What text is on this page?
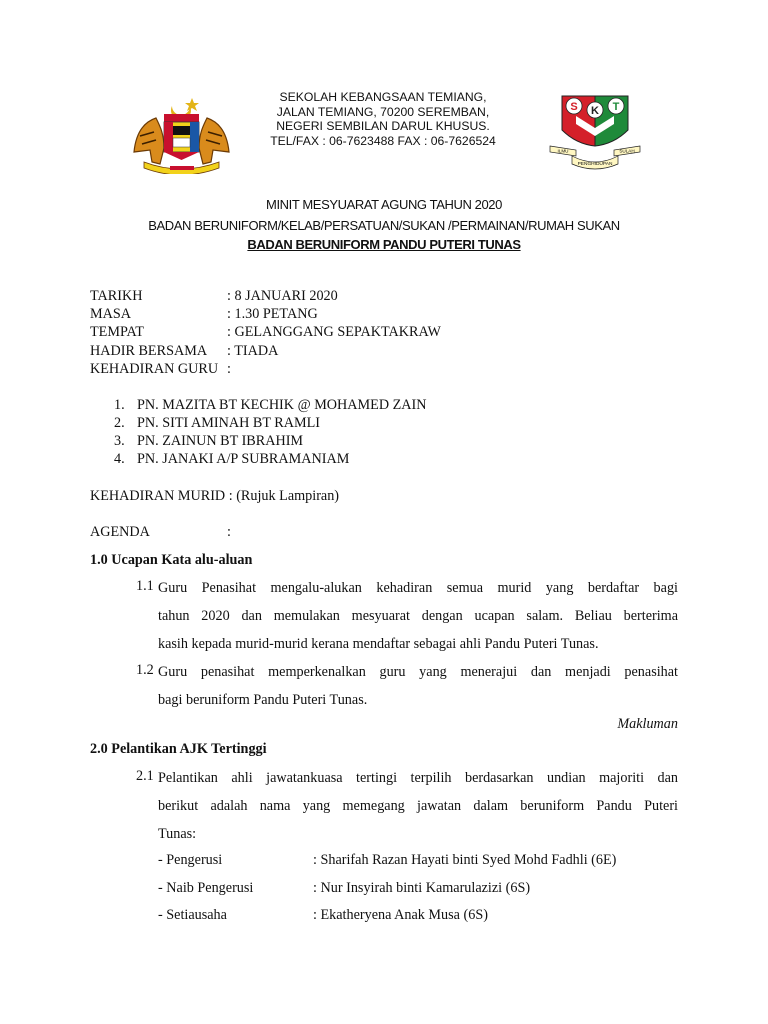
SEKOLAH KEBANGSAAN TEMIANG,
JALAN TEMIANG, 70200 SEREMBAN,
NEGERI SEMBILAN DARUL KHUSUS.
TEL/FAX : 06-7623488 FAX : 06-7626524
S K T
ILMU	SULAH
PENGHIDUPAN
MINIT MESYUARAT AGUNG TAHUN 2020
BADAN BERUNIFORM/KELAB/PERSATUAN/SUKAN /PERMAINAN/RUMAH SUKAN
BADAN BERUNIFORM PANDU PUTERI TUNAS
TARIKH	: 8 JANUARI 2020
MASA	: 1.30 PETANG
TEMPAT	: GELANGGANG SEPAKTAKRAW
HADIR BERSAMA : TIADA
KEHADIRAN GURU :
1. PN. MAZITA BT KECHIK @ MOHAMED ZAIN
2. PN. SITI AMINAH BT RAMLI
3. PN. ZAINUN BT IBRAHIM
4. PN. JANAKI A/P SUBRAMANIAM
KEHADIRAN MURID : (Rujuk Lampiran)
AGENDA	:
1.0 Ucapan Kata alu-aluan
1.1 Guru Penasihat mengalu-alukan kehadiran semua murid yang berdaftar bagi
tahun 2020 dan memulakan mesyuarat dengan ucapan salam. Beliau berterima
kasih kepada murid-murid kerana mendaftar sebagai ahli Pandu Puteri Tunas.
1.2 Guru penasihat memperkenalkan guru yang menerajui dan menjadi penasihat
bagi beruniform Pandu Puteri Tunas.
Makluman
2.0 Pelantikan AJK Tertinggi
2.1 Pelantikan ahli jawatankuasa tertingi terpilih berdasarkan undian majoriti dan
berikut adalah nama yang memegang jawatan dalam beruniform Pandu Puteri
Tunas:
- Pengerusi	: Sharifah Razan Hayati binti Syed Mohd Fadhli (6E)
- Naib Pengerusi	: Nur Insyirah binti Kamarulazizi (6S)
- Setiausaha	: Ekatheryena Anak Musa (6S)
